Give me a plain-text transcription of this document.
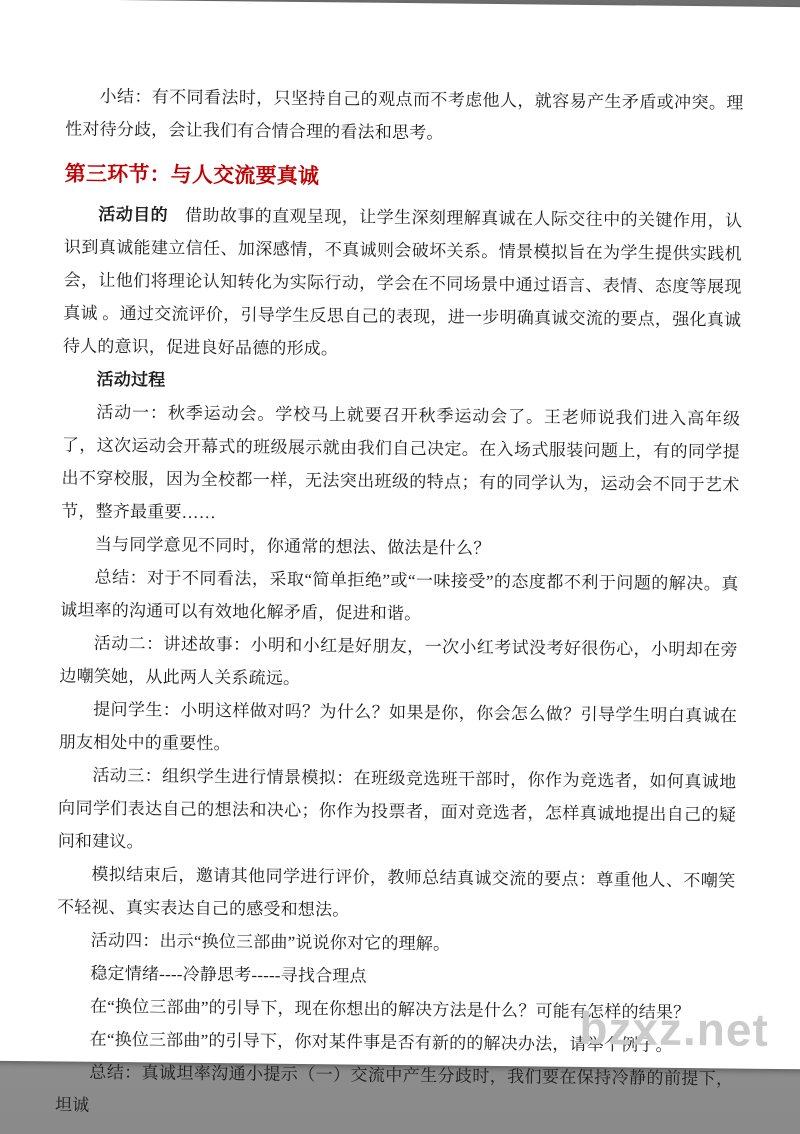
小结：有不同看法时，只坚持自己的观点而不考虑他人，就容易产生矛盾或冲突。理性对待分歧，会让我们有合情合理的看法和思考。

第三环节：与人交流要真诚

活动目的 借助故事的直观呈现，让学生深刻理解真诚在人际交往中的关键作用，认识到真诚能建立信任、加深感情，不真诚则会破坏关系。情景模拟旨在为学生提供实践机会，让他们将理论认知转化为实际行动，学会在不同场景中通过语言、表情、态度等展现真诚 。通过交流评价，引导学生反思自己的表现，进一步明确真诚交流的要点，强化真诚待人的意识，促进良好品德的形成。

活动过程

活动一：秋季运动会。学校马上就要召开秋季运动会了。王老师说我们进入高年级了，这次运动会开幕式的班级展示就由我们自己决定。在入场式服装问题上，有的同学提出不穿校服，因为全校都一样，无法突出班级的特点；有的同学认为，运动会不同于艺术节，整齐最重要……

当与同学意见不同时，你通常的想法、做法是什么？

总结：对于不同看法，采取“简单拒绝”或“一味接受”的态度都不利于问题的解决。真诚坦率的沟通可以有效地化解矛盾，促进和谐。

活动二：讲述故事：小明和小红是好朋友，一次小红考试没考好很伤心，小明却在旁边嘲笑她，从此两人关系疏远。

提问学生：小明这样做对吗？为什么？如果是你，你会怎么做？引导学生明白真诚在朋友相处中的重要性。

活动三：组织学生进行情景模拟：在班级竞选班干部时，你作为竞选者，如何真诚地向同学们表达自己的想法和决心；你作为投票者，面对竞选者，怎样真诚地提出自己的疑问和建议。

模拟结束后，邀请其他同学进行评价，教师总结真诚交流的要点：尊重他人、不嘲笑不轻视、真实表达自己的感受和想法。

活动四：出示“换位三部曲”说说你对它的理解。

稳定情绪----冷静思考-----寻找合理点

在“换位三部曲”的引导下，现在你想出的解决方法是什么？可能有怎样的结果？

在“换位三部曲”的引导下，你对某件事是否有新的的解决办法，请举个例子。

总结：真诚坦率沟通小提示（一）交流中产生分歧时，我们要在保持冷静的前提下，坦诚

bzxz.net
